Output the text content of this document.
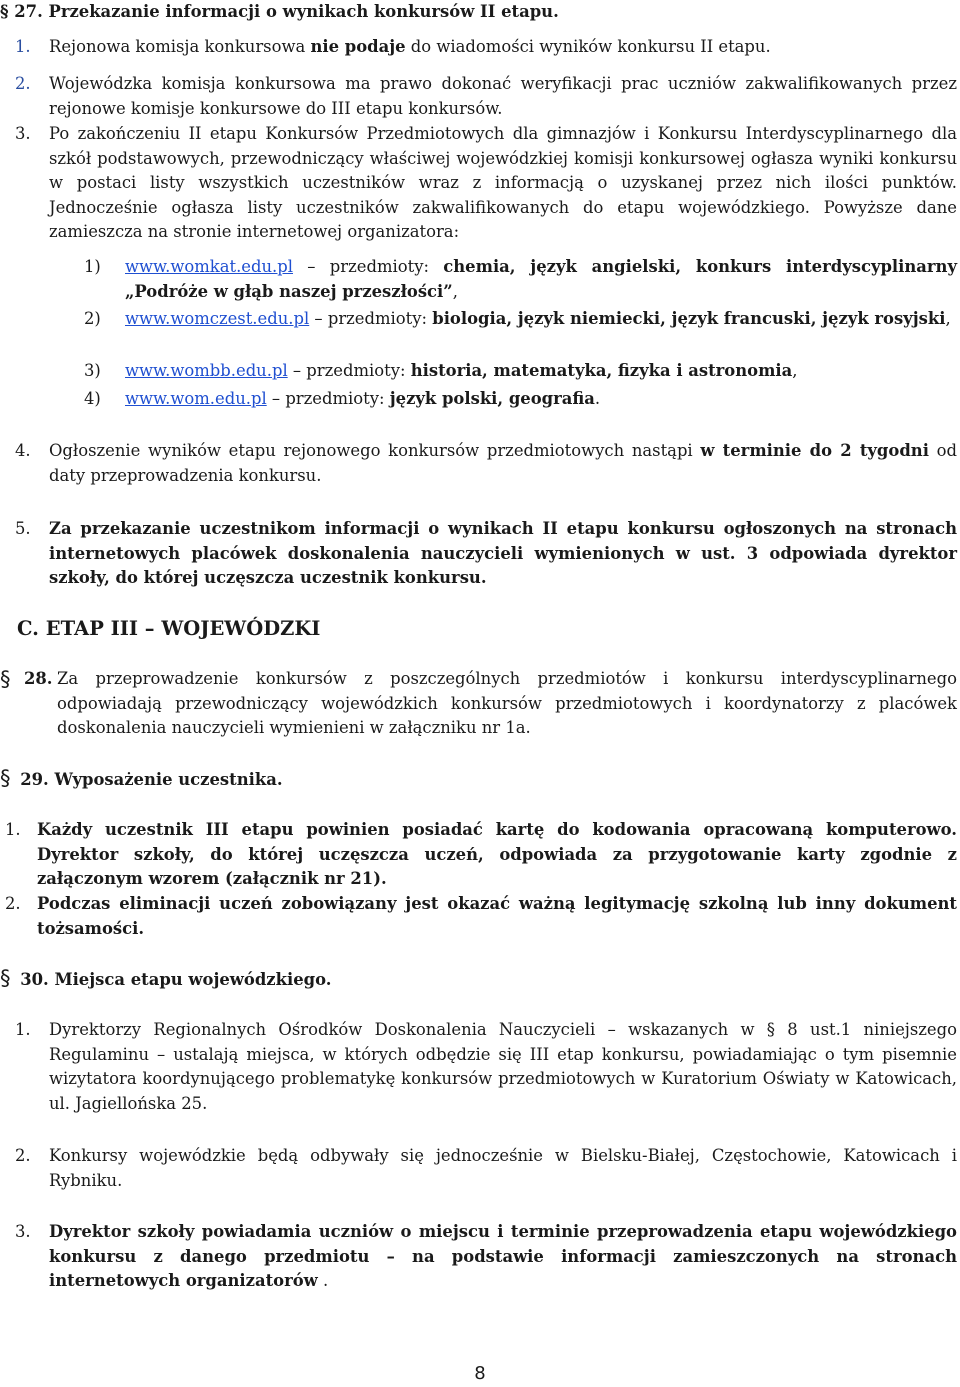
§ 27. Przekazanie informacji o wynikach konkursów II etapu.
1. Rejonowa komisja konkursowa nie podaje do wiadomości wyników konkursu II etapu.
2. Wojewódzka komisja konkursowa ma prawo dokonać weryfikacji prac uczniów zakwalifikowanych przez rejonowe komisje konkursowe do III etapu konkursów.
3. Po zakończeniu II etapu Konkursów Przedmiotowych dla gimnazjów i Konkursu Interdyscyplinarnego dla szkół podstawowych, przewodniczący właściwej wojewódzkiej komisji konkursowej ogłasza wyniki konkursu w postaci listy wszystkich uczestników wraz z informacją o uzyskanej przez nich ilości punktów. Jednocześnie ogłasza listy uczestników zakwalifikowanych do etapu wojewódzkiego. Powyższe dane zamieszcza na stronie internetowej organizatora:
1) www.womkat.edu.pl – przedmioty: chemia, język angielski, konkurs interdyscyplinarny „Podróże w głąb naszej przeszłości”,
2) www.womczest.edu.pl – przedmioty: biologia, język niemiecki, język francuski, język rosyjski,
3) www.wombb.edu.pl – przedmioty: historia, matematyka, fizyka i astronomia,
4) www.wom.edu.pl – przedmioty: język polski, geografia.
4. Ogłoszenie wyników etapu rejonowego konkursów przedmiotowych nastąpi w terminie do 2 tygodni od daty przeprowadzenia konkursu.
5. Za przekazanie uczestnikom informacji o wynikach II etapu konkursu ogłoszonych na stronach internetowych placówek doskonalenia nauczycieli wymienionych w ust. 3 odpowiada dyrektor szkoły, do której uczęszcza uczestnik konkursu.
C. ETAP III – WOJEWÓDZKI
§ 28. Za przeprowadzenie konkursów z poszczególnych przedmiotów i konkursu interdyscyplinarnego odpowiadają przewodniczący wojewódzkich konkursów przedmiotowych i koordynatorzy z placówek doskonalenia nauczycieli wymienieni w załączniku nr 1a.
§ 29. Wyposażenie uczestnika.
1. Każdy uczestnik III etapu powinien posiadać kartę do kodowania opracowaną komputerowo. Dyrektor szkoły, do której uczęszcza uczeń, odpowiada za przygotowanie karty zgodnie z załączonym wzorem (załącznik nr 21).
2. Podczas eliminacji uczeń zobowiązany jest okazać ważną legitymację szkolną lub inny dokument tożsamości.
§ 30. Miejsca etapu wojewódzkiego.
1. Dyrektorzy Regionalnych Ośrodków Doskonalenia Nauczycieli – wskazanych w § 8 ust.1 niniejszego Regulaminu – ustalają miejsca, w których odbędzie się III etap konkursu, powiadamiając o tym pisemnie wizytatora koordynującego problematykę konkursów przedmiotowych w Kuratorium Oświaty w Katowicach, ul. Jagiellońska 25.
2. Konkursy wojewódzkie będą odbywały się jednocześnie w Bielsku-Białej, Częstochowie, Katowicach i Rybniku.
3. Dyrektor szkoły powiadamia uczniów o miejscu i terminie przeprowadzenia etapu wojewódzkiego konkursu z danego przedmiotu – na podstawie informacji zamieszczonych na stronach internetowych organizatorów .
8
